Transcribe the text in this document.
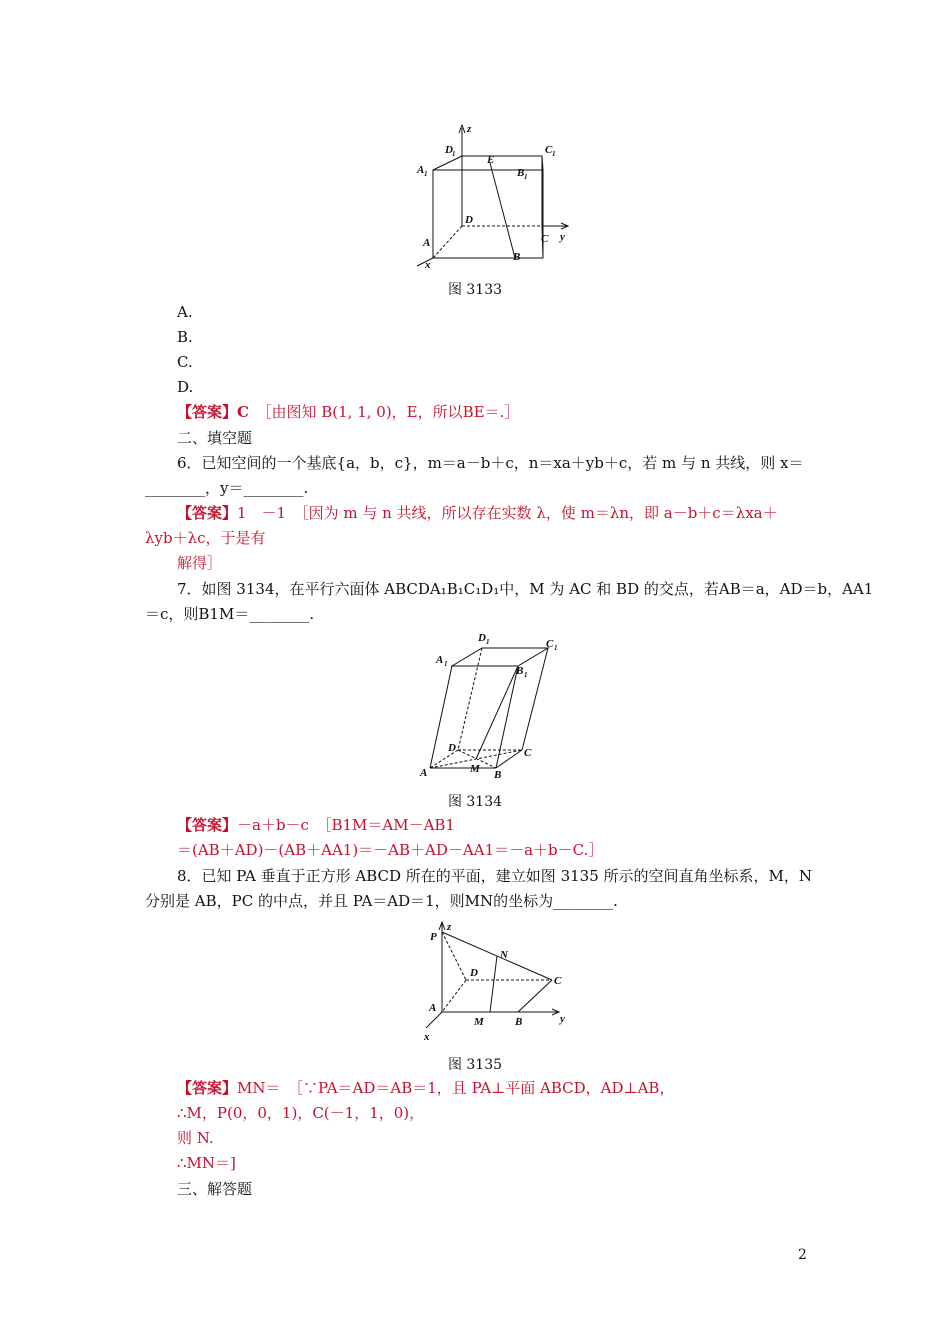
z
D 1
A 1
E
C 1
B 1
D
A	C y
B
x
图 3133
A.
B.
C.
D.
【答案】C　 ［由图知 B(1, 1, 0)，E，所以BE＝.］
二、填空题
6．已知空间的一个基底{a，b，c}，m＝a－b＋c，n＝xa＋yb＋c，若 m 与 n 共线，则 x＝
________，y＝________.
【答案】1　－1　［因为 m 与 n 共线，所以存在实数 λ，使 m＝λn，即 a－b＋c＝λxa＋
λyb＋λc，于是有
解得］
7．如图 3134，在平行六面体 ABCDA₁B₁C₁D₁中，M 为 AC 和 BD 的交点，若AB＝a，AD＝b，AA1
＝c，则B1M＝________.
D 1	C 1
A 1
B 1
D	C
A	M B
图 3134
【答案】－a＋b－c　［B1M＝AM－AB1
＝(AB＋AD)－(AB＋AA1)＝－AB＋AD－AA1＝－a＋b－C.］
8．已知 PA 垂直于正方形 ABCD 所在的平面，建立如图 3135 所示的空间直角坐标系，M，N
分别是 AB，PC 的中点，并且 PA＝AD＝1，则MN的坐标为________.
P
z
N
D
C
A
M	B	y
x
图 3135
【答案】MN＝　［∵PA＝AD＝AB＝1，且 PA⊥平面 ABCD，AD⊥AB，
∴M，P(0，0，1)，C(－1，1，0)，
则 N.
∴MN＝]
三、解答题
2
